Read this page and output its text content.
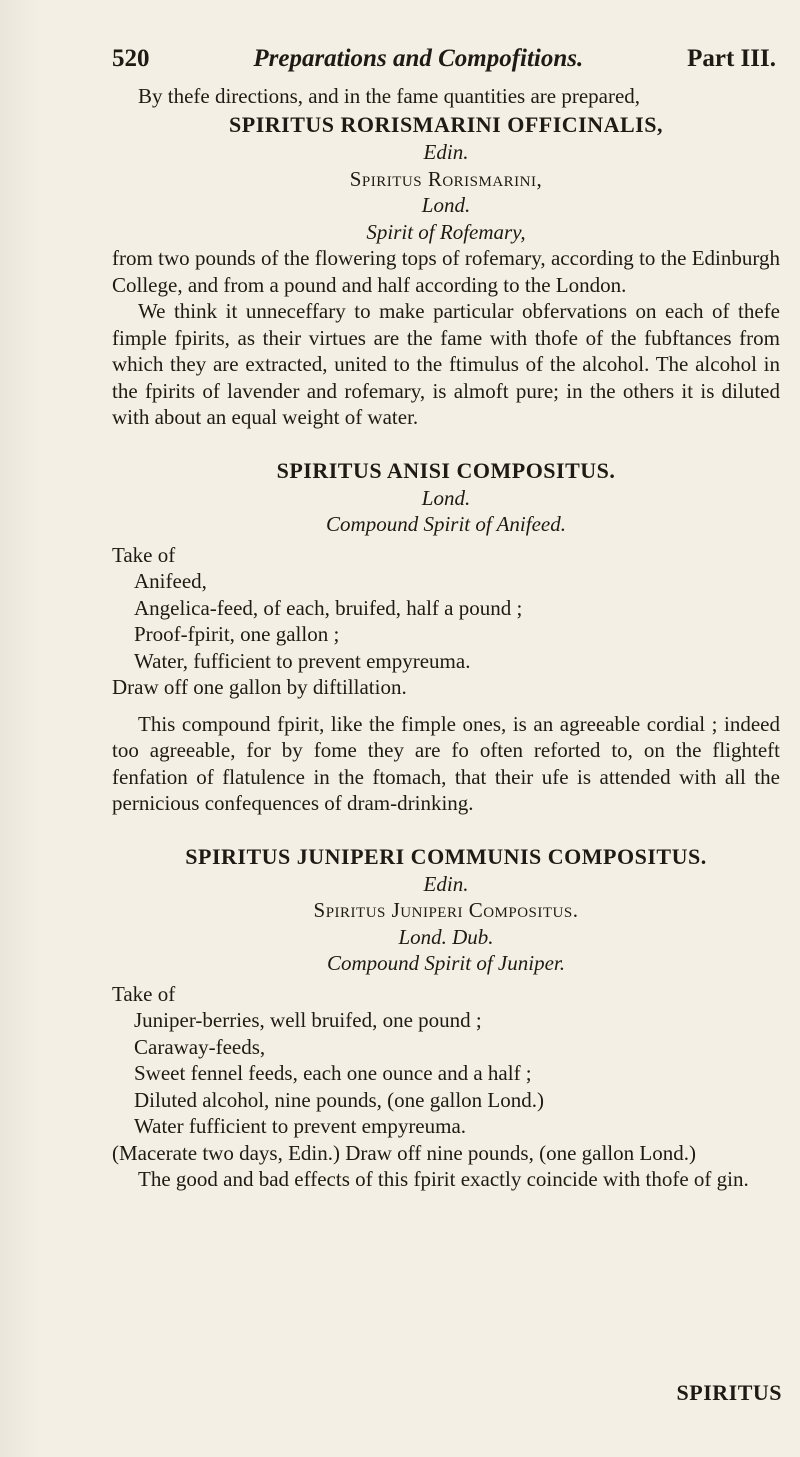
520	Preparations and Compofitions.	Part III.

By thefe directions, and in the fame quantities are prepared,

SPIRITUS RORISMARINI OFFICINALIS,
Edin.
Spiritus Rorismarini,
Lond.
Spirit of Rofemary,

from two pounds of the flowering tops of rofemary, according to the Edinburgh College, and from a pound and half according to the London.

We think it unneceffary to make particular obfervations on each of thefe fimple fpirits, as their virtues are the fame with thofe of the fubftances from which they are extracted, united to the ftimulus of the alcohol. The alcohol in the fpirits of lavender and rofemary, is almoft pure; in the others it is diluted with about an equal weight of water.

SPIRITUS ANISI COMPOSITUS.
Lond.
Compound Spirit of Anifeed.
Take of
Anifeed,
Angelica-feed, of each, bruifed, half a pound ;
Proof-fpirit, one gallon ;
Water, fufficient to prevent empyreuma.
Draw off one gallon by diftillation.

This compound fpirit, like the fimple ones, is an agreeable cordial ; indeed too agreeable, for by fome they are fo often reforted to, on the flighteft fenfation of flatulence in the ftomach, that their ufe is attended with all the pernicious confequences of dram-drinking.

SPIRITUS JUNIPERI COMMUNIS COMPOSITUS.
Edin.
Spiritus Juniperi Compositus.
Lond. Dub.
Compound Spirit of Juniper.
Take of
Juniper-berries, well bruifed, one pound ;
Caraway-feeds,
Sweet fennel feeds, each one ounce and a half ;
Diluted alcohol, nine pounds, (one gallon Lond.)
Water fufficient to prevent empyreuma.
(Macerate two days, Edin.) Draw off nine pounds, (one gallon Lond.)

The good and bad effects of this fpirit exactly coincide with thofe of gin.

SPIRITUS
